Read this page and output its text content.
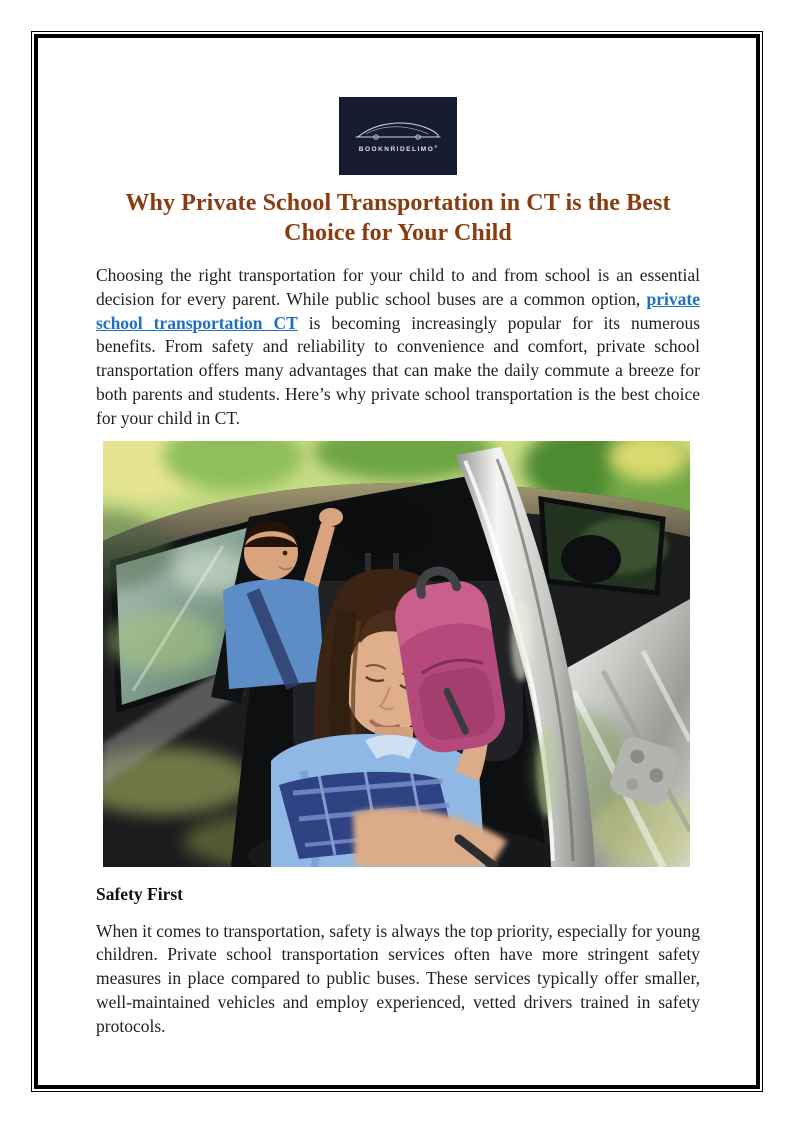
BOOKNRIDELIMO®
Why Private School Transportation in CT is the Best Choice for Your Child

Choosing the right transportation for your child to and from school is an essential decision for every parent. While public school buses are a common option, private school transportation CT is becoming increasingly popular for its numerous benefits. From safety and reliability to convenience and comfort, private school transportation offers many advantages that can make the daily commute a breeze for both parents and students. Here’s why private school transportation is the best choice for your child in CT.

Safety First

When it comes to transportation, safety is always the top priority, especially for young children. Private school transportation services often have more stringent safety measures in place compared to public buses. These services typically offer smaller, well-maintained vehicles and employ experienced, vetted drivers trained in safety protocols.
